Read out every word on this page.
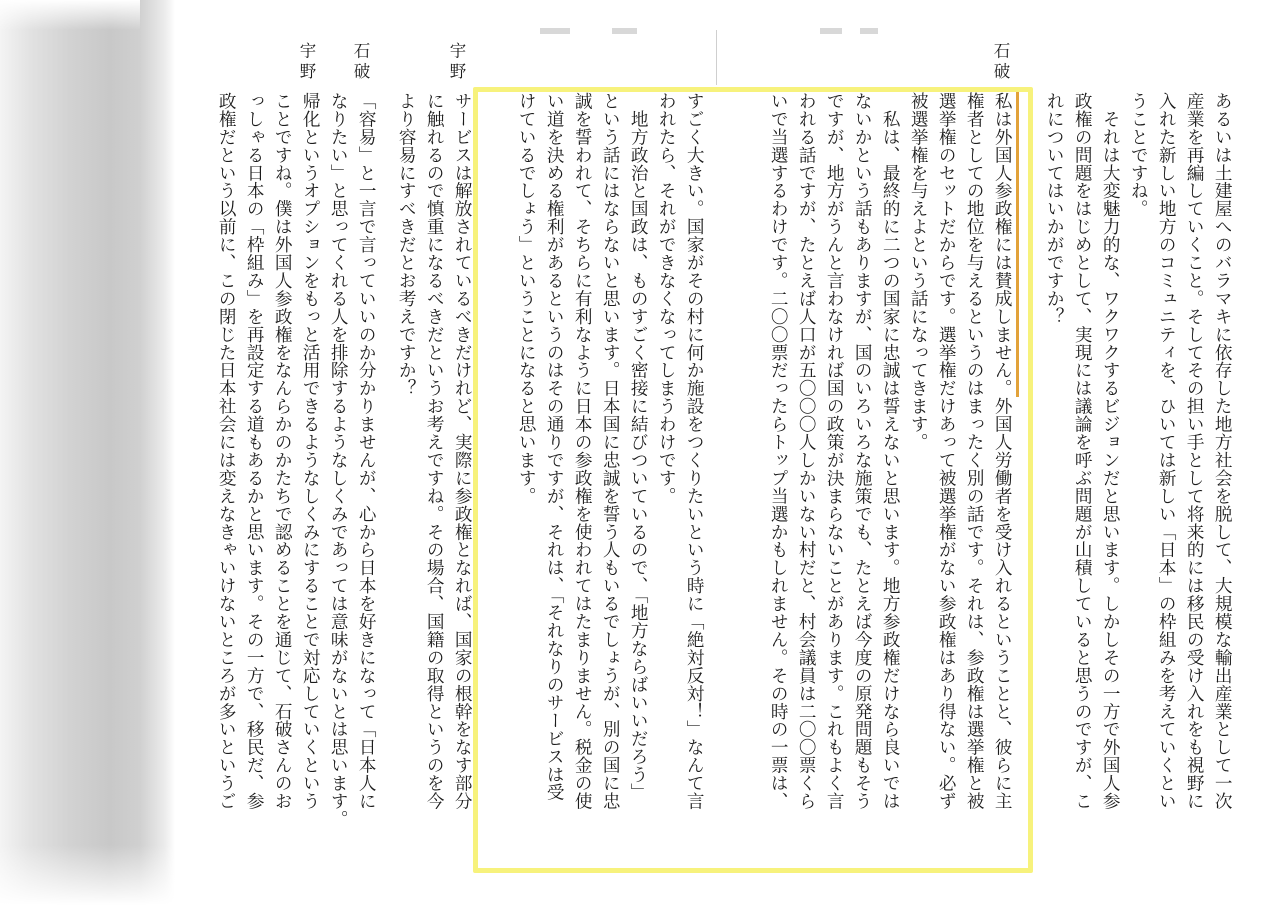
石破
宇野
石破
宇野
あるいは土建屋へのバラマキに依存した地方社会を脱して、大規模な輸出産業として一次
産業を再編していくこと。そしてその担い手として将来的には移民の受け入れをも視野に
入れた新しい地方のコミュニティを、ひいては新しい「日本」の枠組みを考えていくとい
うことですね。
　それは大変魅力的な、ワクワクするビジョンだと思います。しかしその一方で外国人参
政権の問題をはじめとして、実現には議論を呼ぶ問題が山積していると思うのですが、こ
れについてはいかがですか？
私は外国人参政権には賛成しません。外国人労働者を受け入れるということと、彼らに主
権者としての地位を与えるというのはまったく別の話です。それは、参政権は選挙権と被
選挙権のセットだからです。選挙権だけあって被選挙権がない参政権はあり得ない。必ず
被選挙権を与えよという話になってきます。
　私は、最終的に二つの国家に忠誠は誓えないと思います。地方参政権だけなら良いでは
ないかという話もありますが、国のいろいろな施策でも、たとえば今度の原発問題もそう
ですが、地方がうんと言わなければ国の政策が決まらないことがあります。これもよく言
われる話ですが、たとえば人口が五〇〇〇人しかいない村だと、村会議員は二〇〇票くら
いで当選するわけです。二〇〇票だったらトップ当選かもしれません。その時の一票は、
すごく大きい。国家がその村に何か施設をつくりたいという時に「絶対反対！」なんて言
われたら、それができなくなってしまうわけです。
　地方政治と国政は、ものすごく密接に結びついているので、「地方ならばいいだろう」
という話にはならないと思います。日本国に忠誠を誓う人もいるでしょうが、別の国に忠
誠を誓われて、そちらに有利なように日本の参政権を使われてはたまりません。税金の使
い道を決める権利があるというのはその通りですが、それは、「それなりのサービスは受
けているでしょう」ということになると思います。
サービスは解放されているべきだけれど、実際に参政権となれば、国家の根幹をなす部分
に触れるので慎重になるべきだというお考えですね。その場合、国籍の取得というのを今
より容易にすべきだとお考えですか？
「容易」と一言で言っていいのか分かりませんが、心から日本を好きになって「日本人に
なりたい」と思ってくれる人を排除するようなしくみであっては意味がないとは思います。
帰化というオプションをもっと活用できるようなしくみにすることで対応していくという
ことですね。僕は外国人参政権をなんらかのかたちで認めることを通じて、石破さんのお
っしゃる日本の「枠組み」を再設定する道もあるかと思います。その一方で、移民だ、参
政権だという以前に、この閉じた日本社会には変えなきゃいけないところが多いというご
